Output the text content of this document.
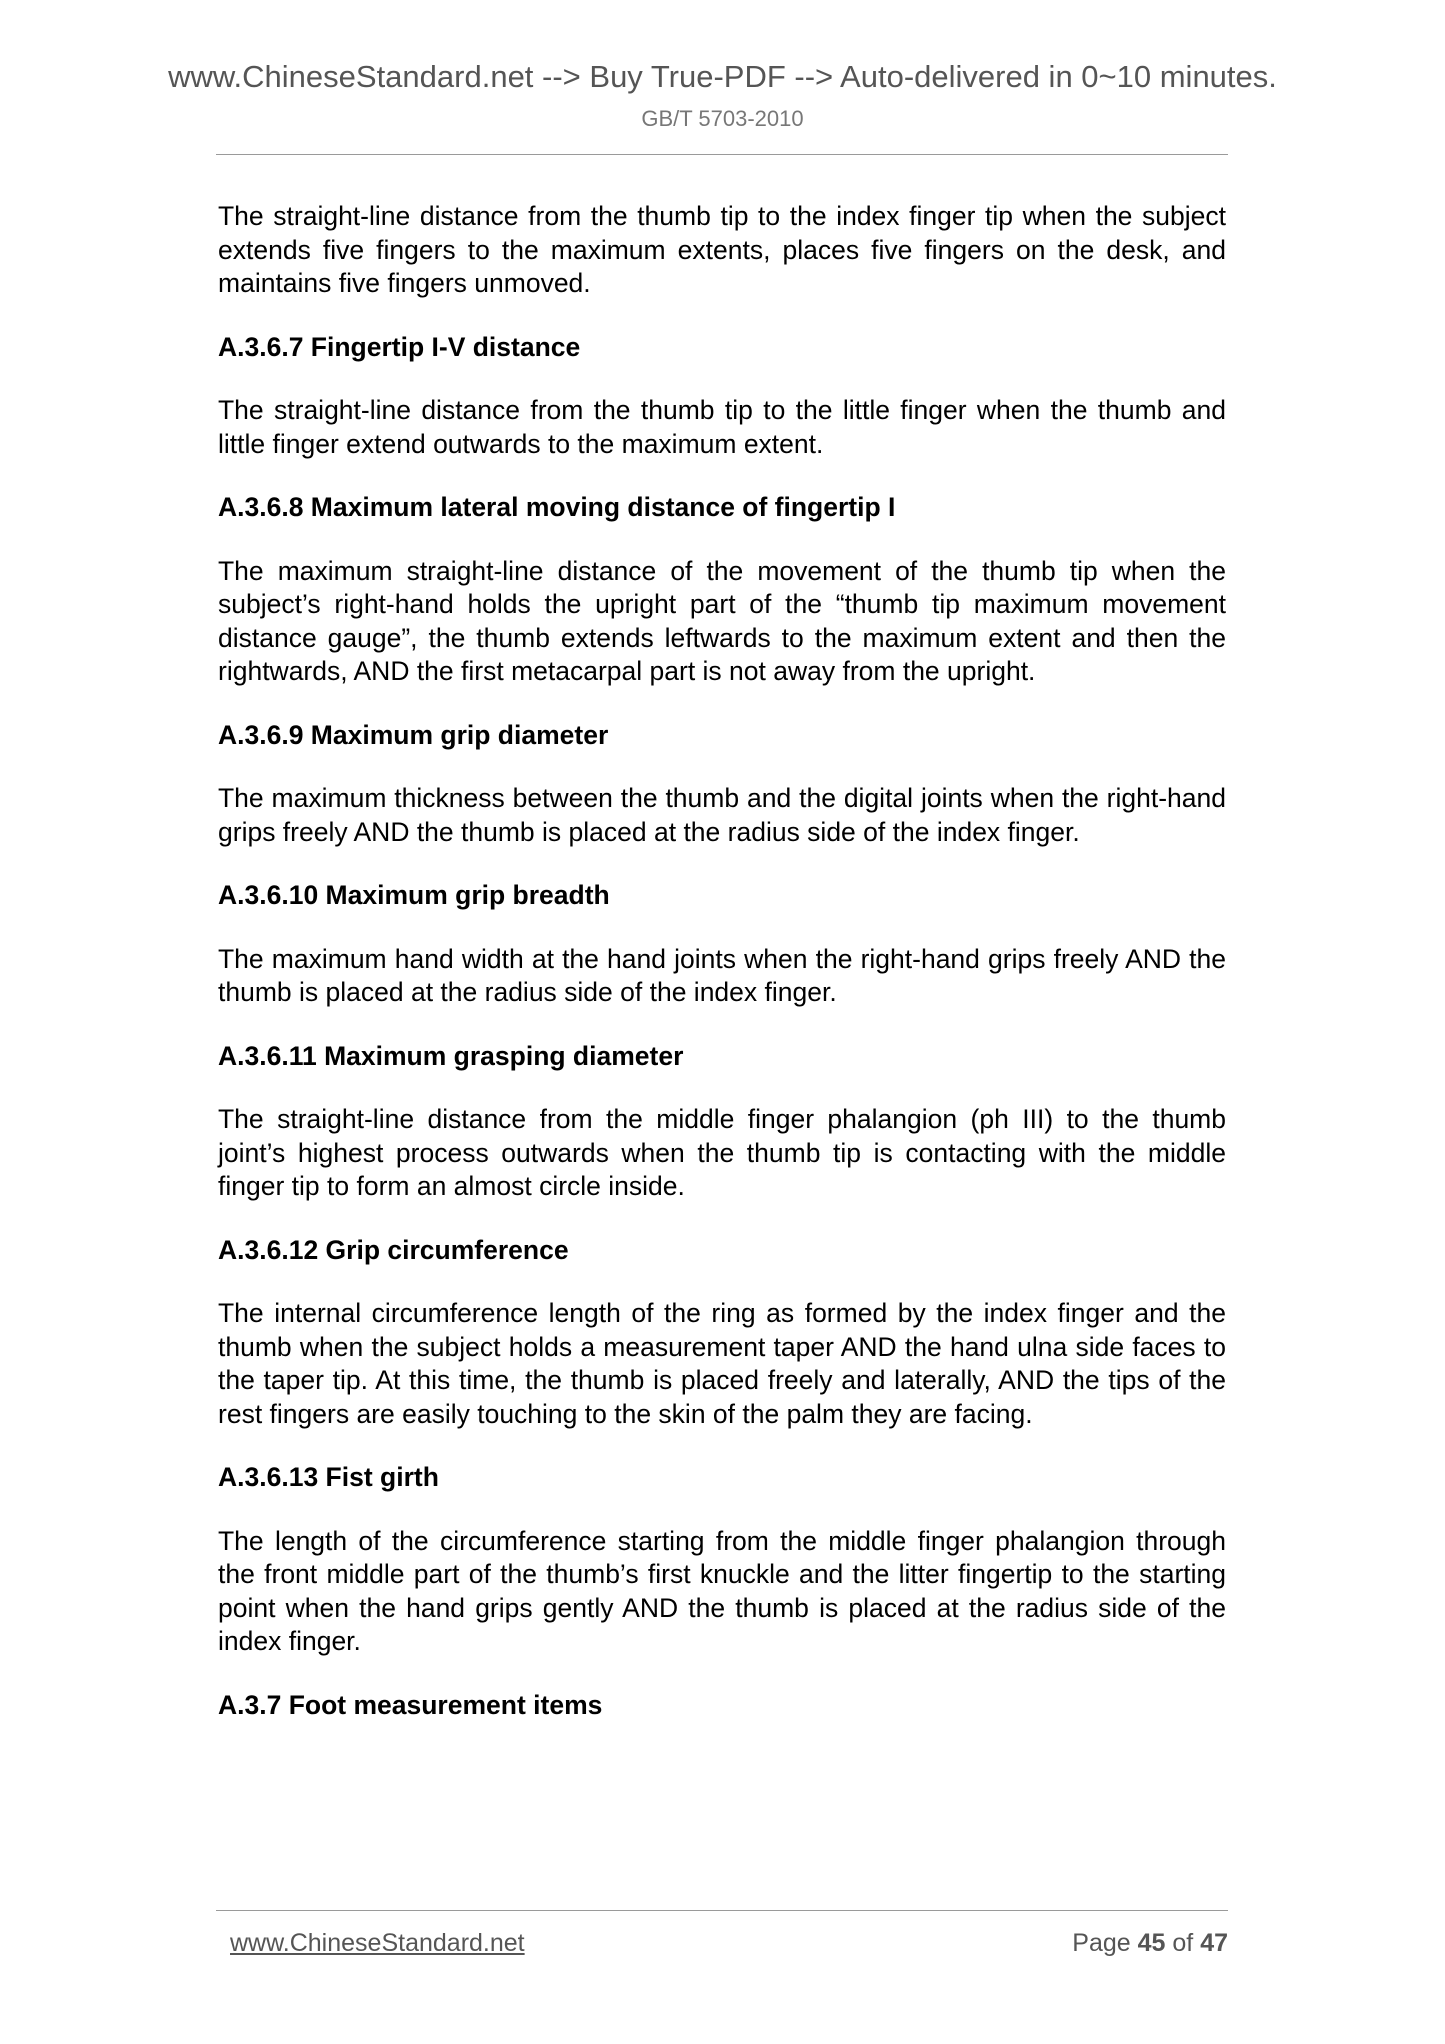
www.ChineseStandard.net --> Buy True-PDF --> Auto-delivered in 0~10 minutes.
GB/T 5703-2010

The straight-line distance from the thumb tip to the index finger tip when the subject extends five fingers to the maximum extents, places five fingers on the desk, and maintains five fingers unmoved.

A.3.6.7 Fingertip I-V distance

The straight-line distance from the thumb tip to the little finger when the thumb and little finger extend outwards to the maximum extent.

A.3.6.8 Maximum lateral moving distance of fingertip I

The maximum straight-line distance of the movement of the thumb tip when the subject’s right-hand holds the upright part of the “thumb tip maximum movement distance gauge”, the thumb extends leftwards to the maximum extent and then the rightwards, AND the first metacarpal part is not away from the upright.

A.3.6.9 Maximum grip diameter

The maximum thickness between the thumb and the digital joints when the right-hand grips freely AND the thumb is placed at the radius side of the index finger.

A.3.6.10 Maximum grip breadth

The maximum hand width at the hand joints when the right-hand grips freely AND the thumb is placed at the radius side of the index finger.

A.3.6.11 Maximum grasping diameter

The straight-line distance from the middle finger phalangion (ph III) to the thumb joint’s highest process outwards when the thumb tip is contacting with the middle finger tip to form an almost circle inside.

A.3.6.12 Grip circumference

The internal circumference length of the ring as formed by the index finger and the thumb when the subject holds a measurement taper AND the hand ulna side faces to the taper tip. At this time, the thumb is placed freely and laterally, AND the tips of the rest fingers are easily touching to the skin of the palm they are facing.

A.3.6.13 Fist girth

The length of the circumference starting from the middle finger phalangion through the front middle part of the thumb’s first knuckle and the litter fingertip to the starting point when the hand grips gently AND the thumb is placed at the radius side of the index finger.

A.3.7 Foot measurement items
www.ChineseStandard.net	Page 45 of 47
